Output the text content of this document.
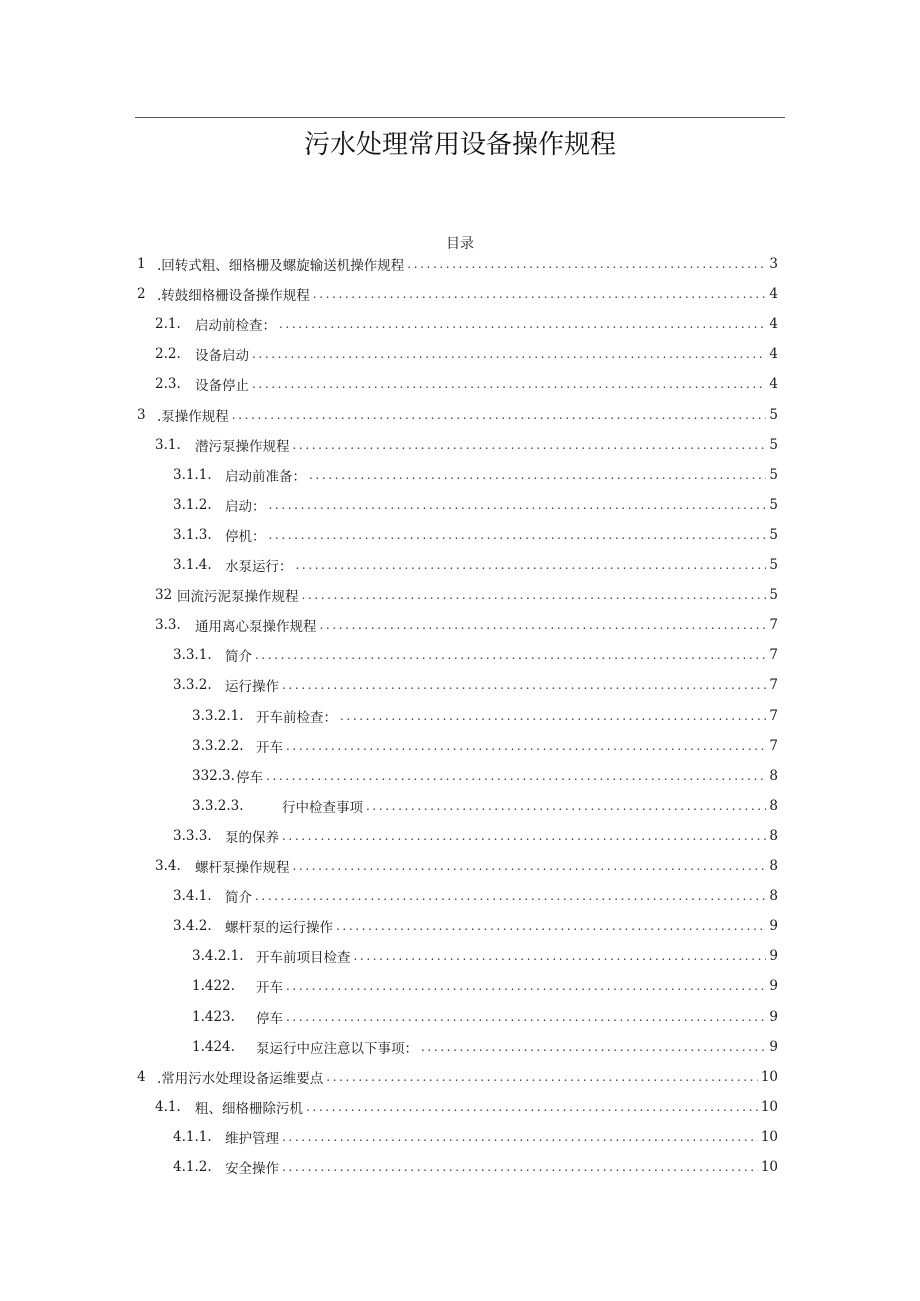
污水处理常用设备操作规程
目录
1 .回转式粗、细格栅及螺旋输送机操作规程 .....	3
2 .转鼓细格栅设备操作规程 .....	4
2.1.	启动前检查： .....	4
2.2.	设备启动 .....	4
2.3.	设备停止 .....	4
3 .泵操作规程 .....	5
3.1.	潜污泵操作规程 .....	5
3.1.1. 启动前准备： .....	5
3.1.2. 启动： .....	5
3.1.3. 停机： .....	5
3.1.4. 水泵运行： .....	5
32 回流污泥泵操作规程 .....	5
3.3.	通用离心泵操作规程 .....	7
3.3.1. 简介 .....	7
3.3.2. 运行操作 .....	7
3.3.2.1. 开车前检查： .....	7
3.3.2.2. 开车 .....	7
332.3. 停车 .....	8
3.3.2.3.	行中检查事项 .....	8
3.3.3. 泵的保养 .....	8
3.4.	螺杆泵操作规程 .....	8
3.4.1. 简介 .....	8
3.4.2. 螺杆泵的运行操作 .....	9
3.4.2.1. 开车前项目检查 .....	9
1.422.	开车 .....	9
1.423.	停车 .....	9
1.424.	泵运行中应注意以下事项： .....	9
4 .常用污水处理设备运维要点 .....	10
4.1.	粗、细格栅除污机 .....	10
4.1.1. 维护管理 .....	10
4.1.2. 安全操作 .....	10
